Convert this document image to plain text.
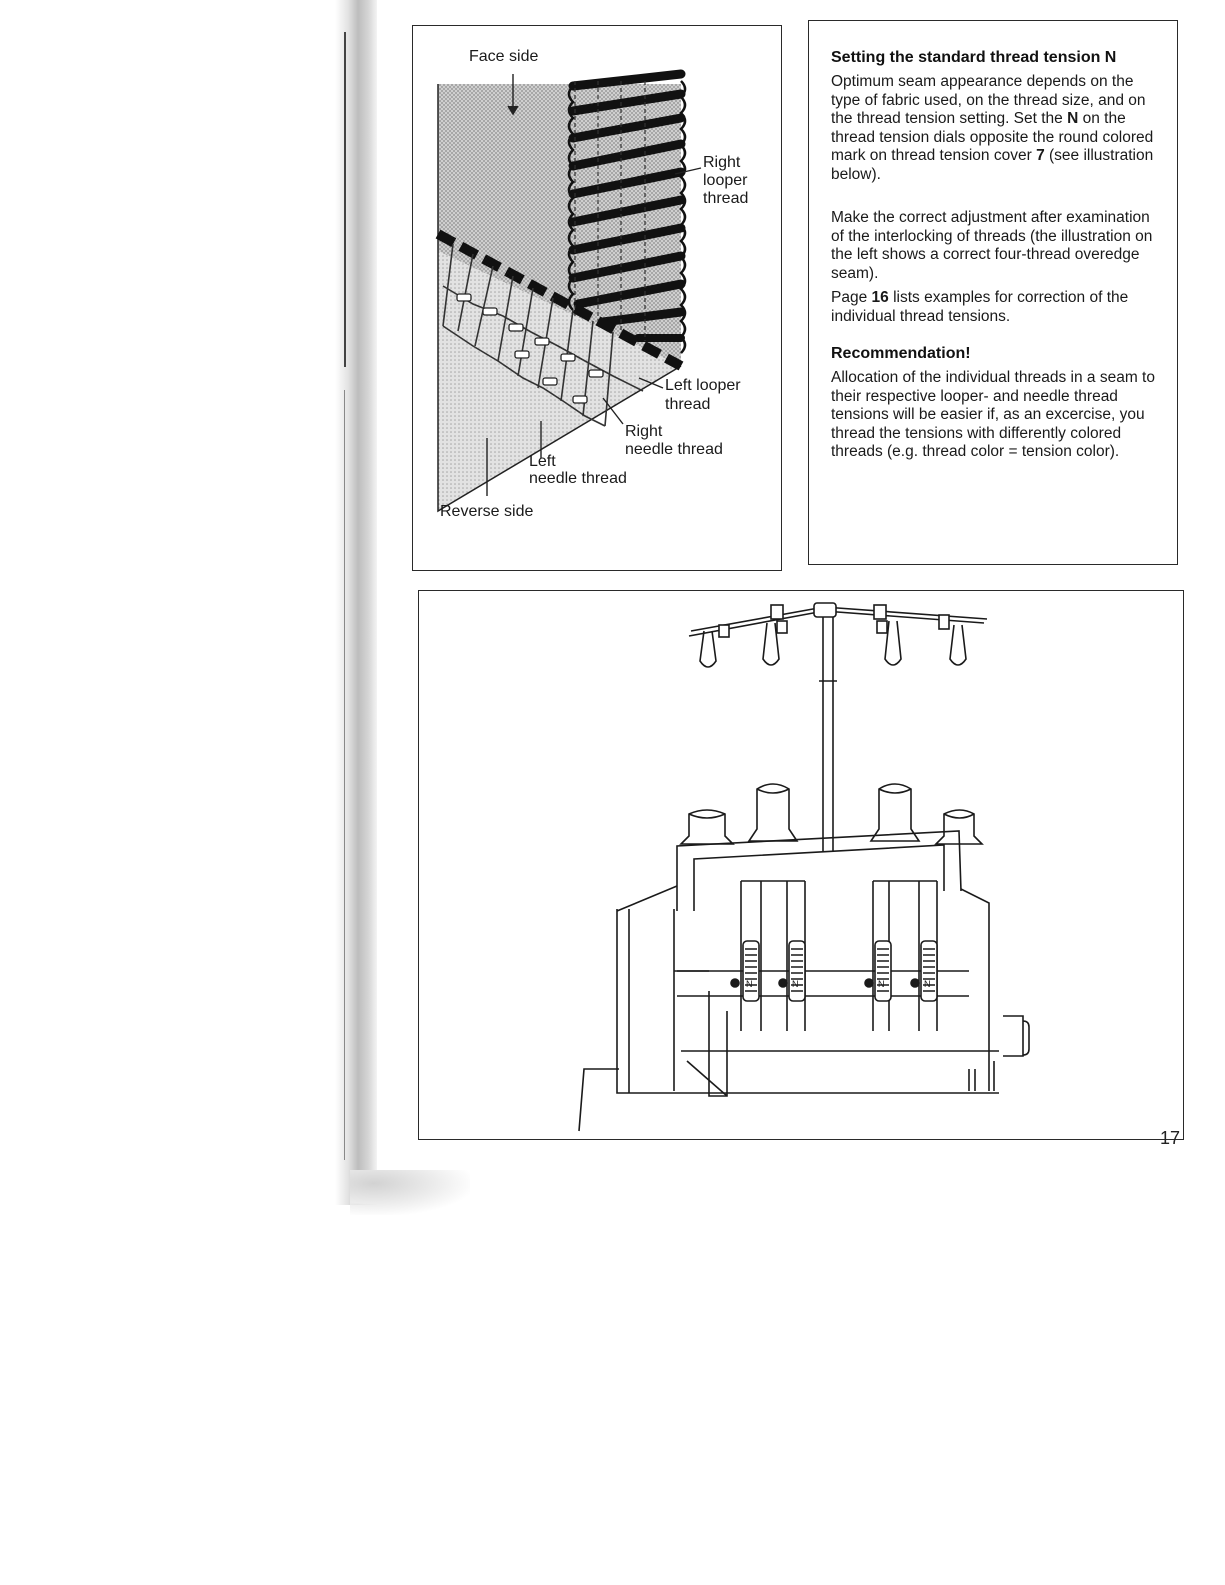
Face side

Right

looper

thread

Left looper

thread

Right

needle thread

Left

needle thread

Reverse side

Setting the standard thread tension N

Optimum seam appearance depends on the type of fabric used, on the thread size, and on the thread tension setting. Set the N on the thread tension dials opposite the round colored mark on thread tension cover 7 (see illustration below).

Make the correct adjustment after examination of the interlocking of threads (the illustration on the left shows a correct four-thread overedge seam).

Page 16 lists examples for correction of the individual thread tensions.

Recommendation!

Allocation of the individual threads in a seam to their respective looper- and needle thread tensions will be easier if, as an excercise, you thread the tensions with differently colored threads (e.g. thread color = tension color).

N	N	N	N

17
